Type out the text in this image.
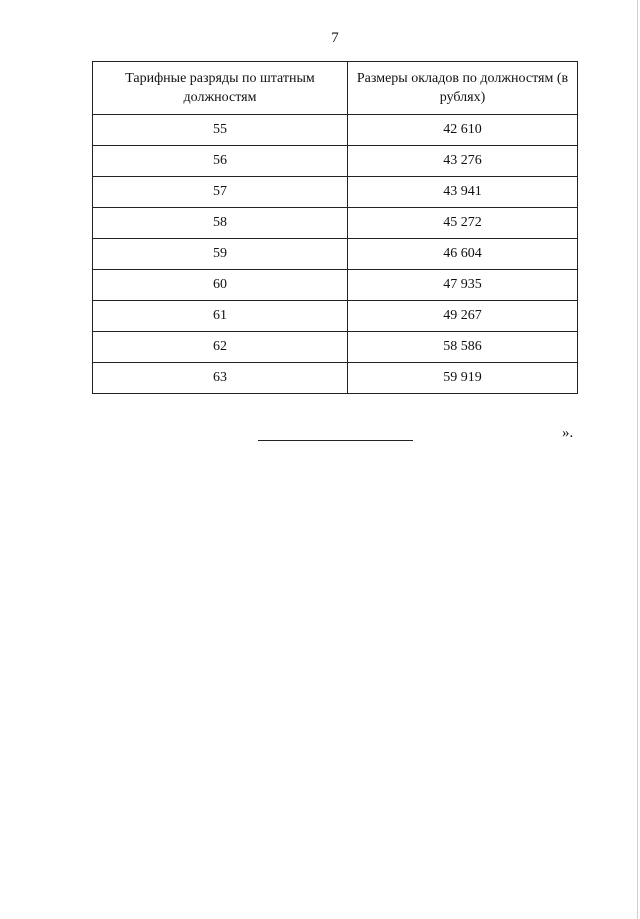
7
Тарифные разряды по штатным должностям	Размеры окладов по должностям (в рублях)
55	42 610
56	43 276
57	43 941
58	45 272
59	46 604
60	47 935
61	49 267
62	58 586
63	59 919
».
